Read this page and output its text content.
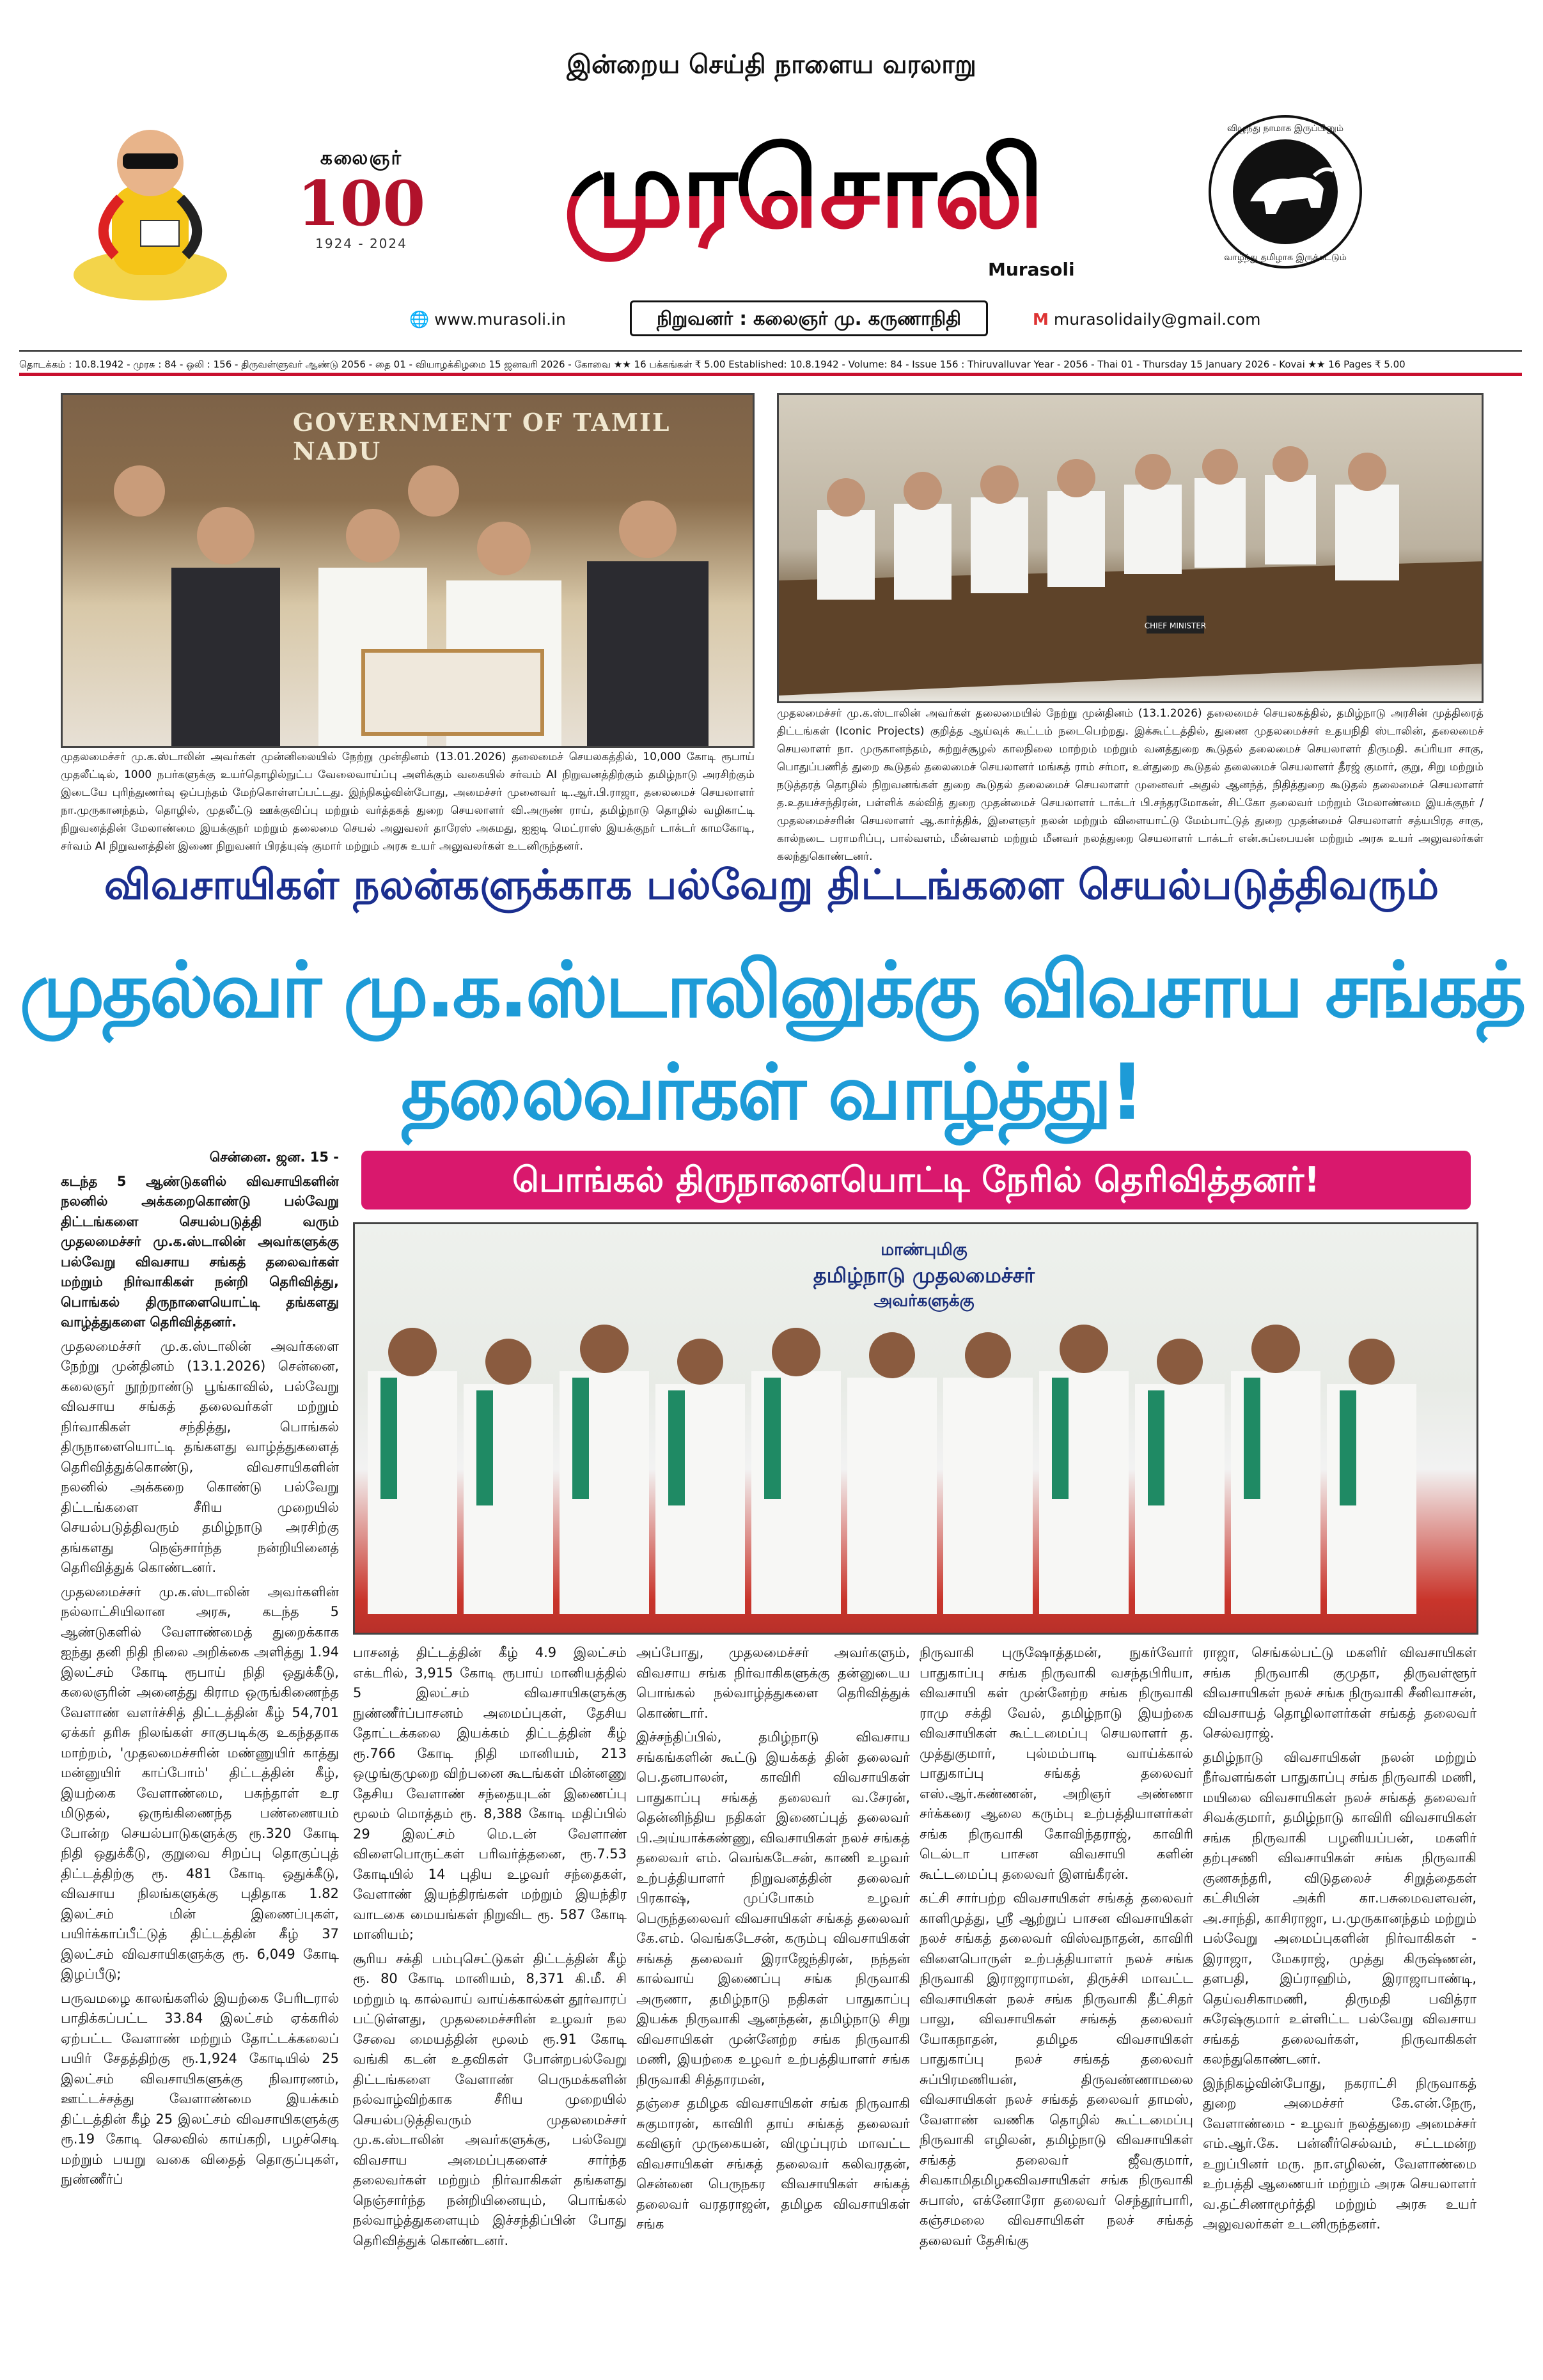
இன்றைய செய்தி நாளைய வரலாறு
கலைஞர்
100
1924 - 2024	முரசொலி
Murasoli
விழுந்து நாமாக இருப்பினும்
வாழ்ந்து தமிழாக இருக்கட்டும்
🌐 www.murasoli.in	நிறுவனர் : கலைஞர் மு. கருணாநிதி	M murasolidaily@gmail.com
தொடக்கம் : 10.8.1942 - முரசு : 84 - ஒலி : 156 - திருவள்ளுவர் ஆண்டு 2056 - தை 01 - வியாழக்கிழமை 15 ஜனவரி 2026 - கோவை ★★ 16 பக்கங்கள் ₹ 5.00 Established: 10.8.1942 - Volume: 84 - Issue 156 : Thiruvalluvar Year - 2056 - Thai 01 - Thursday 15 January 2026 - Kovai ★★ 16 Pages ₹ 5.00
GOVERNMENT OF TAMIL NADU
முதலமைச்சர் மு.க.ஸ்டாலின் அவர்கள் முன்னிலையில் நேற்று முன்தினம் (13.01.2026) தலைமைச் செயலகத்தில், 10,000 கோடி ரூபாய் முதலீட்டில், 1000 நபர்களுக்கு உயர்தொழில்நுட்ப வேலைவாய்ப்பு அளிக்கும் வகையில் சர்வம் AI நிறுவனத்திற்கும் தமிழ்நாடு அரசிற்கும் இடையே புரிந்துணர்வு ஒப்பந்தம் மேற்கொள்ளப்பட்டது. இந்நிகழ்வின்போது, அமைச்சர் முனைவர் டி.ஆர்.பி.ராஜா, தலைமைச் செயலாளர் நா.முருகானந்தம், தொழில், முதலீட்டு ஊக்குவிப்பு மற்றும் வர்த்தகத் துறை செயலாளர் வி.அருண் ராய், தமிழ்நாடு தொழில் வழிகாட்டி நிறுவனத்தின் மேலாண்மை இயக்குநர் மற்றும் தலைமை செயல் அலுவலர் தாரேஸ் அகமது, ஐஐடி மெட்ராஸ் இயக்குநர் டாக்டர் காமகோடி, சர்வம் AI நிறுவனத்தின் இணை நிறுவனர் பிரத்யுஷ் குமார் மற்றும் அரசு உயர் அலுவலர்கள் உடனிருந்தனர்.
CHIEF MINISTER
முதலமைச்சர் மு.க.ஸ்டாலின் அவர்கள் தலைமையில் நேற்று முன்தினம் (13.1.2026) தலைமைச் செயலகத்தில், தமிழ்நாடு அரசின் முத்திரைத் திட்டங்கள் (Iconic Projects) குறித்த ஆய்வுக் கூட்டம் நடைபெற்றது. இக்கூட்டத்தில், துணை முதலமைச்சர் உதயநிதி ஸ்டாலின், தலைமைச் செயலாளர் நா. முருகானந்தம், சுற்றுச்சூழல் காலநிலை மாற்றம் மற்றும் வனத்துறை கூடுதல் தலைமைச் செயலாளர் திருமதி. சுப்ரியா சாகு, பொதுப்பணித் துறை கூடுதல் தலைமைச் செயலாளர் மங்கத் ராம் சர்மா, உள்துறை கூடுதல் தலைமைச் செயலாளர் தீரஜ் குமார், குறு, சிறு மற்றும் நடுத்தரத் தொழில் நிறுவனங்கள் துறை கூடுதல் தலைமைச் செயலாளர் முனைவர் அதுல் ஆனந்த், நிதித்துறை கூடுதல் தலைமைச் செயலாளர் த.உதயச்சந்திரன், பள்ளிக் கல்வித் துறை முதன்மைச் செயலாளர் டாக்டர் பி.சந்தரமோகன், சிட்கோ தலைவர் மற்றும் மேலாண்மை இயக்குநர் / முதலமைச்சரின் செயலாளர் ஆ.கார்த்திக், இளைஞர் நலன் மற்றும் விளையாட்டு மேம்பாட்டுத் துறை முதன்மைச் செயலாளர் சத்யபிரத சாகு, கால்நடை பராமரிப்பு, பால்வளம், மீன்வளம் மற்றும் மீனவர் நலத்துறை செயலாளர் டாக்டர் என்.சுப்பையன் மற்றும் அரசு உயர் அலுவலர்கள் கலந்துகொண்டனர்.
விவசாயிகள் நலன்களுக்காக பல்வேறு திட்டங்களை செயல்படுத்திவரும்
முதல்வர் மு.க.ஸ்டாலினுக்கு விவசாய சங்கத் தலைவர்கள் வாழ்த்து!
பொங்கல் திருநாளையொட்டி நேரில் தெரிவித்தனர்!

சென்னை. ஜன. 15 -

கடந்த 5 ஆண்டுகளில் விவசாயிகளின் நலனில் அக்கறைகொண்டு பல்வேறு திட்டங்களை செயல்படுத்தி வரும் முதலமைச்சர் மு.க.ஸ்டாலின் அவர்களுக்கு பல்வேறு விவசாய சங்கத் தலைவர்கள் மற்றும் நிர்வாகிகள் நன்றி தெரிவித்து, பொங்கல் திருநாளையொட்டி தங்களது வாழ்த்துகளை தெரிவித்தனர்.

முதலமைச்சர் மு.க.ஸ்டாலின் அவர்களை நேற்று முன்தினம் (13.1.2026) சென்னை, கலைஞர் நூற்றாண்டு பூங்காவில், பல்வேறு விவசாய சங்கத் தலைவர்கள் மற்றும் நிர்வாகிகள் சந்தித்து, பொங்கல் திருநாளையொட்டி தங்களது வாழ்த்துகளைத் தெரிவித்துக்கொண்டு, விவசாயிகளின் நலனில் அக்கறை கொண்டு பல்வேறு திட்டங்களை சீரிய முறையில் செயல்படுத்திவரும் தமிழ்நாடு அரசிற்கு தங்களது நெஞ்சார்ந்த நன்றியினைத் தெரிவித்துக் கொண்டனர்.

முதலமைச்சர் மு.க.ஸ்டாலின் அவர்களின் நல்லாட்சியிலான அரசு, கடந்த 5 ஆண்டுகளில் வேளாண்மைத் துறைக்காக ஐந்து தனி நிதி நிலை அறிக்கை அளித்து 1.94 இலட்சம் கோடி ரூபாய் நிதி ஒதுக்கீடு, கலைஞரின் அனைத்து கிராம ஒருங்கிணைந்த வேளாண் வளர்ச்சித் திட்டத்தின் கீழ் 54,701 ஏக்கர் தரிசு நிலங்கள் சாகுபடிக்கு உகந்ததாக மாற்றம், 'முதலமைச்சரின் மண்ணுயிர் காத்து மன்னுயிர் காப்போம்' திட்டத்தின் கீழ், இயற்கை வேளாண்மை, பசுந்தாள் உர மிடுதல், ஒருங்கிணைந்த பண்ணையம் போன்ற செயல்பாடுகளுக்கு ரூ.320 கோடி நிதி ஒதுக்கீடு, குறுவை சிறப்பு தொகுப்புத் திட்டத்திற்கு ரூ. 481 கோடி ஒதுக்கீடு, விவசாய நிலங்களுக்கு புதிதாக 1.82 இலட்சம் மின் இணைப்புகள், பயிர்க்காப்பீட்டுத் திட்டத்தின் கீழ் 37 இலட்சம் விவசாயிகளுக்கு ரூ. 6,049 கோடி இழப்பீடு;

பருவமழை காலங்களில் இயற்கை பேரிடரால் பாதிக்கப்பட்ட 33.84 இலட்சம் ஏக்கரில் ஏற்பட்ட வேளாண் மற்றும் தோட்டக்கலைப் பயிர் சேதத்திற்கு ரூ.1,924 கோடியில் 25 இலட்சம் விவசாயிகளுக்கு நிவாரணம், ஊட்டச்சத்து வேளாண்மை இயக்கம் திட்டத்தின் கீழ் 25 இலட்சம் விவசாயிகளுக்கு ரூ.19 கோடி செலவில் காய்கறி, பழச்செடி மற்றும் பயறு வகை விதைத் தொகுப்புகள், நுண்ணீர்ப்

மாண்புமிகு
தமிழ்நாடு முதலமைச்சர்
அவர்களுக்கு

பாசனத் திட்டத்தின் கீழ் 4.9 இலட்சம் எக்டரில், 3,915 கோடி ரூபாய் மானியத்தில் 5 இலட்சம் விவசாயிகளுக்கு நுண்ணீர்ப்பாசனம் அமைப்புகள், தேசிய தோட்டக்கலை இயக்கம் திட்டத்தின் கீழ் ரூ.766 கோடி நிதி மானியம், 213 ஒழுங்குமுறை விற்பனை கூடங்கள் மின்னணு தேசிய வேளாண் சந்தையுடன் இணைப்பு மூலம் மொத்தம் ரூ. 8,388 கோடி மதிப்பில் 29 இலட்சம் மெ.டன் வேளாண் விளைபொருட்கள் பரிவர்த்தனை, ரூ.7.53 கோடியில் 14 புதிய உழவர் சந்தைகள், வேளாண் இயந்திரங்கள் மற்றும் இயந்திர வாடகை மையங்கள் நிறுவிட ரூ. 587 கோடி மானியம்;

சூரிய சக்தி பம்புசெட்டுகள் திட்டத்தின் கீழ் ரூ. 80 கோடி மானியம், 8,371 கி.மீ. சி மற்றும் டி கால்வாய் வாய்க்கால்கள் தூர்வாரப் பட்டுள்ளது, முதலமைச்சரின் உழவர் நல சேவை மையத்தின் மூலம் ரூ.91 கோடி வங்கி கடன் உதவிகள் போன்றபல்வேறு திட்டங்களை வேளாண் பெருமக்களின் நல்வாழ்விற்காக சீரிய முறையில் செயல்படுத்திவரும் முதலமைச்சர் மு.க.ஸ்டாலின் அவர்களுக்கு, பல்வேறு விவசாய அமைப்புகளைச் சார்ந்த தலைவர்கள் மற்றும் நிர்வாகிகள் தங்களது நெஞ்சார்ந்த நன்றியினையும், பொங்கல் நல்வாழ்த்துகளையும் இச்சந்திப்பின் போது தெரிவித்துக் கொண்டனர்.

அப்போது, முதலமைச்சர் அவர்களும், விவசாய சங்க நிர்வாகிகளுக்கு தன்னுடைய பொங்கல் நல்வாழ்த்துகளை தெரிவித்துக் கொண்டார்.

இச்சந்திப்பில், தமிழ்நாடு விவசாய சங்கங்களின் கூட்டு இயக்கத் தின் தலைவர் பெ.தனபாலன், காவிரி விவசாயிகள் பாதுகாப்பு சங்கத் தலைவர் வ.சேரன், தென்னிந்திய நதிகள் இணைப்புத் தலைவர் பி.அய்யாக்கண்ணு, விவசாயிகள் நலச் சங்கத் தலைவர் எம். வெங்கடேசன், காணி உழவர் உற்பத்தியாளர் நிறுவனத்தின் தலைவர் பிரகாஷ், முப்போகம் உழவர் பெருந்தலைவர் விவசாயிகள் சங்கத் தலைவர் கே.எம். வெங்கடேசன், கரும்பு விவசாயிகள் சங்கத் தலைவர் இராஜேந்திரன், நந்தன் கால்வாய் இணைப்பு சங்க நிருவாகி அருணா, தமிழ்நாடு நதிகள் பாதுகாப்பு இயக்க நிருவாகி ஆனந்தன், தமிழ்நாடு சிறு விவசாயிகள் முன்னேற்ற சங்க நிருவாகி மணி, இயற்கை உழவர் உற்பத்தியாளர் சங்க நிருவாகி சித்தாரமன்,

தஞ்சை தமிழக விவசாயிகள் சங்க நிருவாகி சுகுமாரன், காவிரி தாய் சங்கத் தலைவர் கவிஞர் முருகையன், விழுப்புரம் மாவட்ட விவசாயிகள் சங்கத் தலைவர் கலிவரதன், சென்னை பெருநகர விவசாயிகள் சங்கத் தலைவர் வரதராஜன், தமிழக விவசாயிகள் சங்க

நிருவாகி புருஷோத்தமன், நுகர்வோர் பாதுகாப்பு சங்க நிருவாகி வசந்தபிரியா, விவசாயி கள் முன்னேற்ற சங்க நிருவாகி ராமு சக்தி வேல், தமிழ்நாடு இயற்கை விவசாயிகள் கூட்டமைப்பு செயலாளர் த. முத்துகுமார், புல்மம்பாடி வாய்க்கால் பாதுகாப்பு சங்கத் தலைவர் எஸ்.ஆர்.கண்ணன், அறிஞர் அண்ணா சர்க்கரை ஆலை கரும்பு உற்பத்தியாளர்கள் சங்க நிருவாகி கோவிந்தராஜ், காவிரி டெல்டா பாசன விவசாயி களின் கூட்டமைப்பு தலைவர் இளங்கீரன்.

கட்சி சார்பற்ற விவசாயிகள் சங்கத் தலைவர் காளிமுத்து, ஸ்ரீ ஆற்றுப் பாசன விவசாயிகள் நலச் சங்கத் தலைவர் விஸ்வநாதன், காவிரி விளைபொருள் உற்பத்தியாளர் நலச் சங்க நிருவாகி இராஜாராமன், திருச்சி மாவட்ட விவசாயிகள் நலச் சங்க நிருவாகி தீட்சிதர் பாலு, விவசாயிகள் சங்கத் தலைவர் யோகநாதன், தமிழக விவசாயிகள் பாதுகாப்பு நலச் சங்கத் தலைவர் சுப்பிரமணியன், திருவண்ணாமலை விவசாயிகள் நலச் சங்கத் தலைவர் தாமஸ், வேளாண் வணிக தொழில் கூட்டமைப்பு நிருவாகி எழிலன், தமிழ்நாடு விவசாயிகள் சங்கத் தலைவர் ஜீவகுமார், சிவகாமிதமிழகவிவசாயிகள் சங்க நிருவாகி சுபாஸ், எக்னோரோ தலைவர் செந்தூர்பாரி, கஞ்சமலை விவசாயிகள் நலச் சங்கத் தலைவர் தேசிங்கு

ராஜா, செங்கல்பட்டு மகளிர் விவசாயிகள் சங்க நிருவாகி குமுதா, திருவள்ளூர் விவசாயிகள் நலச் சங்க நிருவாகி சீனிவாசன், விவசாயத் தொழிலாளர்கள் சங்கத் தலைவர் செல்வராஜ்.

தமிழ்நாடு விவசாயிகள் நலன் மற்றும் நீர்வளங்கள் பாதுகாப்பு சங்க நிருவாகி மணி, மயிலை விவசாயிகள் நலச் சங்கத் தலைவர் சிவக்குமார், தமிழ்நாடு காவிரி விவசாயிகள் சங்க நிருவாகி பழனியப்பன், மகளிர் தற்புசணி விவசாயிகள் சங்க நிருவாகி குணசுந்தரி, விடுதலைச் சிறுத்தைகள் கட்சியின் அக்ரி கா.பசுமைவளவன், அ.சாந்தி, காசிராஜா, ப.முருகானந்தம் மற்றும் பல்வேறு அமைப்புகளின் நிர்வாகிகள் - இராஜா, மேகராஜ், முத்து கிருஷ்ணன், தளபதி, இப்ராஹிம், இராஜாபாண்டி, தெய்வசிகாமணி, திருமதி பவித்ரா சுரேஷ்குமார் உள்ளிட்ட பல்வேறு விவசாய சங்கத் தலைவர்கள், நிருவாகிகள் கலந்துகொண்டனர்.

இந்நிகழ்வின்போது, நகராட்சி நிருவாகத் துறை அமைச்சர் கே.என்.நேரு, வேளாண்மை - உழவர் நலத்துறை அமைச்சர் எம்.ஆர்.கே. பன்னீர்செல்வம், சட்டமன்ற உறுப்பினர் மரு. நா.எழிலன், வேளாண்மை உற்பத்தி ஆணையர் மற்றும் அரசு செயலாளர் வ.தட்சிணாமூர்த்தி மற்றும் அரசு உயர் அலுவலர்கள் உடனிருந்தனர்.
